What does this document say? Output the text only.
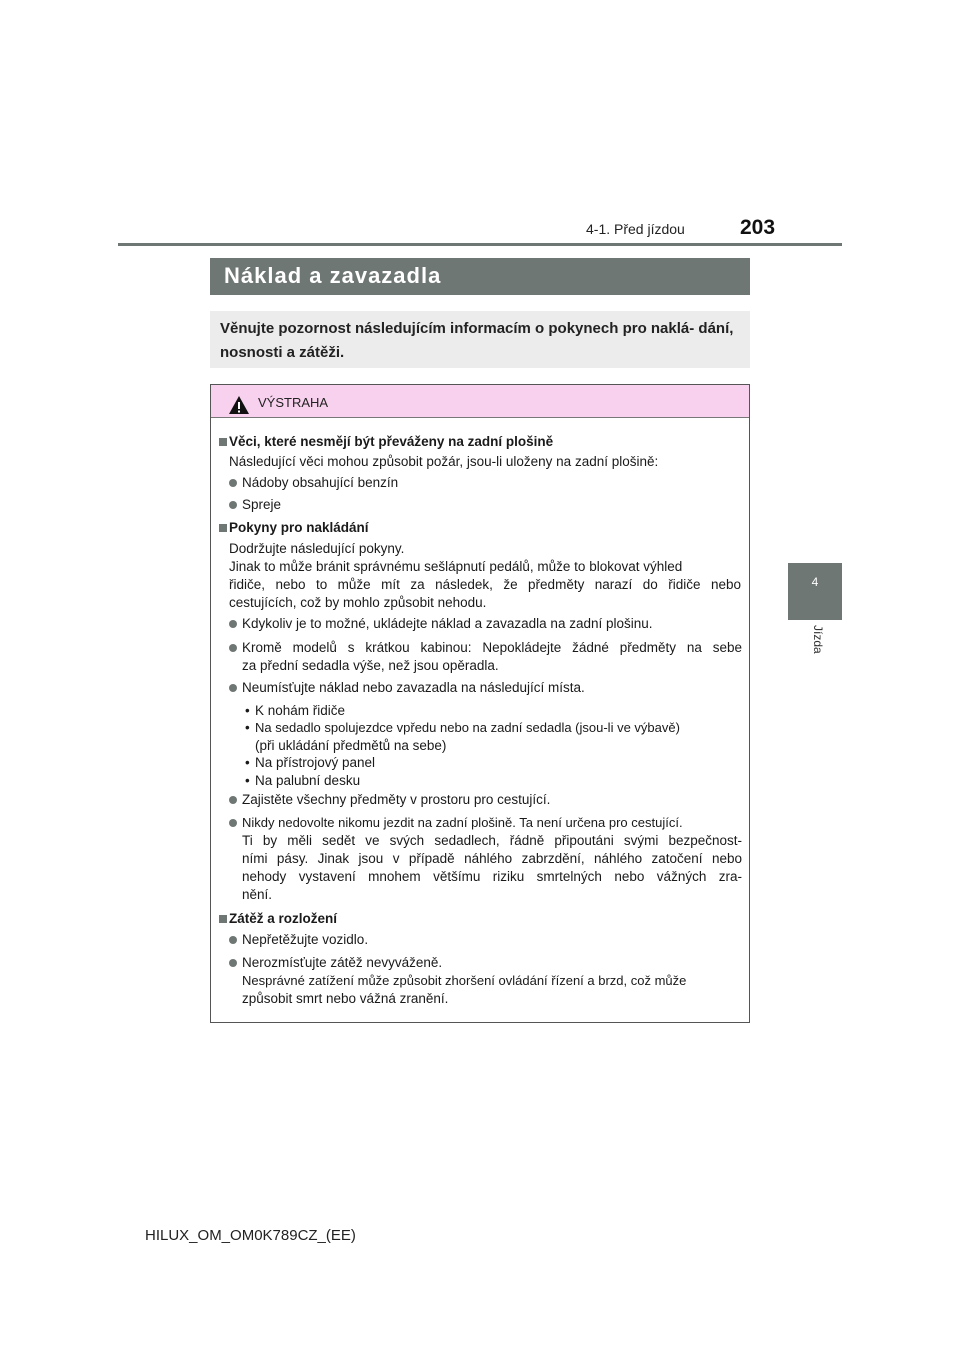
4-1. Před jízdou	203
4
Jízda
Náklad a zavazadla
Věnujte pozornost následujícím informacím o pokynech pro naklá- dání, nosnosti a zátěži.
VÝSTRAHA
Věci, které nesmějí být převáženy na zadní plošině
Následující věci mohou způsobit požár, jsou-li uloženy na zadní plošině:
Nádoby obsahující benzín
Spreje
Pokyny pro nakládání
Dodržujte následující pokyny.
Jinak to může bránit správnému sešlápnutí pedálů, může to blokovat výhled
řidiče, nebo to může mít za následek, že předměty narazí do řidiče nebo
cestujících, což by mohlo způsobit nehodu.
Kdykoliv je to možné, ukládejte náklad a zavazadla na zadní plošinu.
Kromě modelů s krátkou kabinou: Nepokládejte žádné předměty na sebe
za přední sedadla výše, než jsou opěradla.
Neumísťujte náklad nebo zavazadla na následující místa.
• K nohám řidiče
• Na sedadlo spolujezdce vpředu nebo na zadní sedadla (jsou-li ve výbavě)
(při ukládání předmětů na sebe)
• Na přístrojový panel
• Na palubní desku
Zajistěte všechny předměty v prostoru pro cestující.
Nikdy nedovolte nikomu jezdit na zadní plošině. Ta není určena pro cestující.
Ti by měli sedět ve svých sedadlech, řádně připoutáni svými bezpečnost-
ními pásy. Jinak jsou v případě náhlého zabrzdění, náhlého zatočení nebo
nehody vystavení mnohem většímu riziku smrtelných nebo vážných zra-
nění.
Zátěž a rozložení
Nepřetěžujte vozidlo.
Nerozmísťujte zátěž nevyváženě.
Nesprávné zatížení může způsobit zhoršení ovládání řízení a brzd, což může
způsobit smrt nebo vážná zranění.
HILUX_OM_OM0K789CZ_(EE)
